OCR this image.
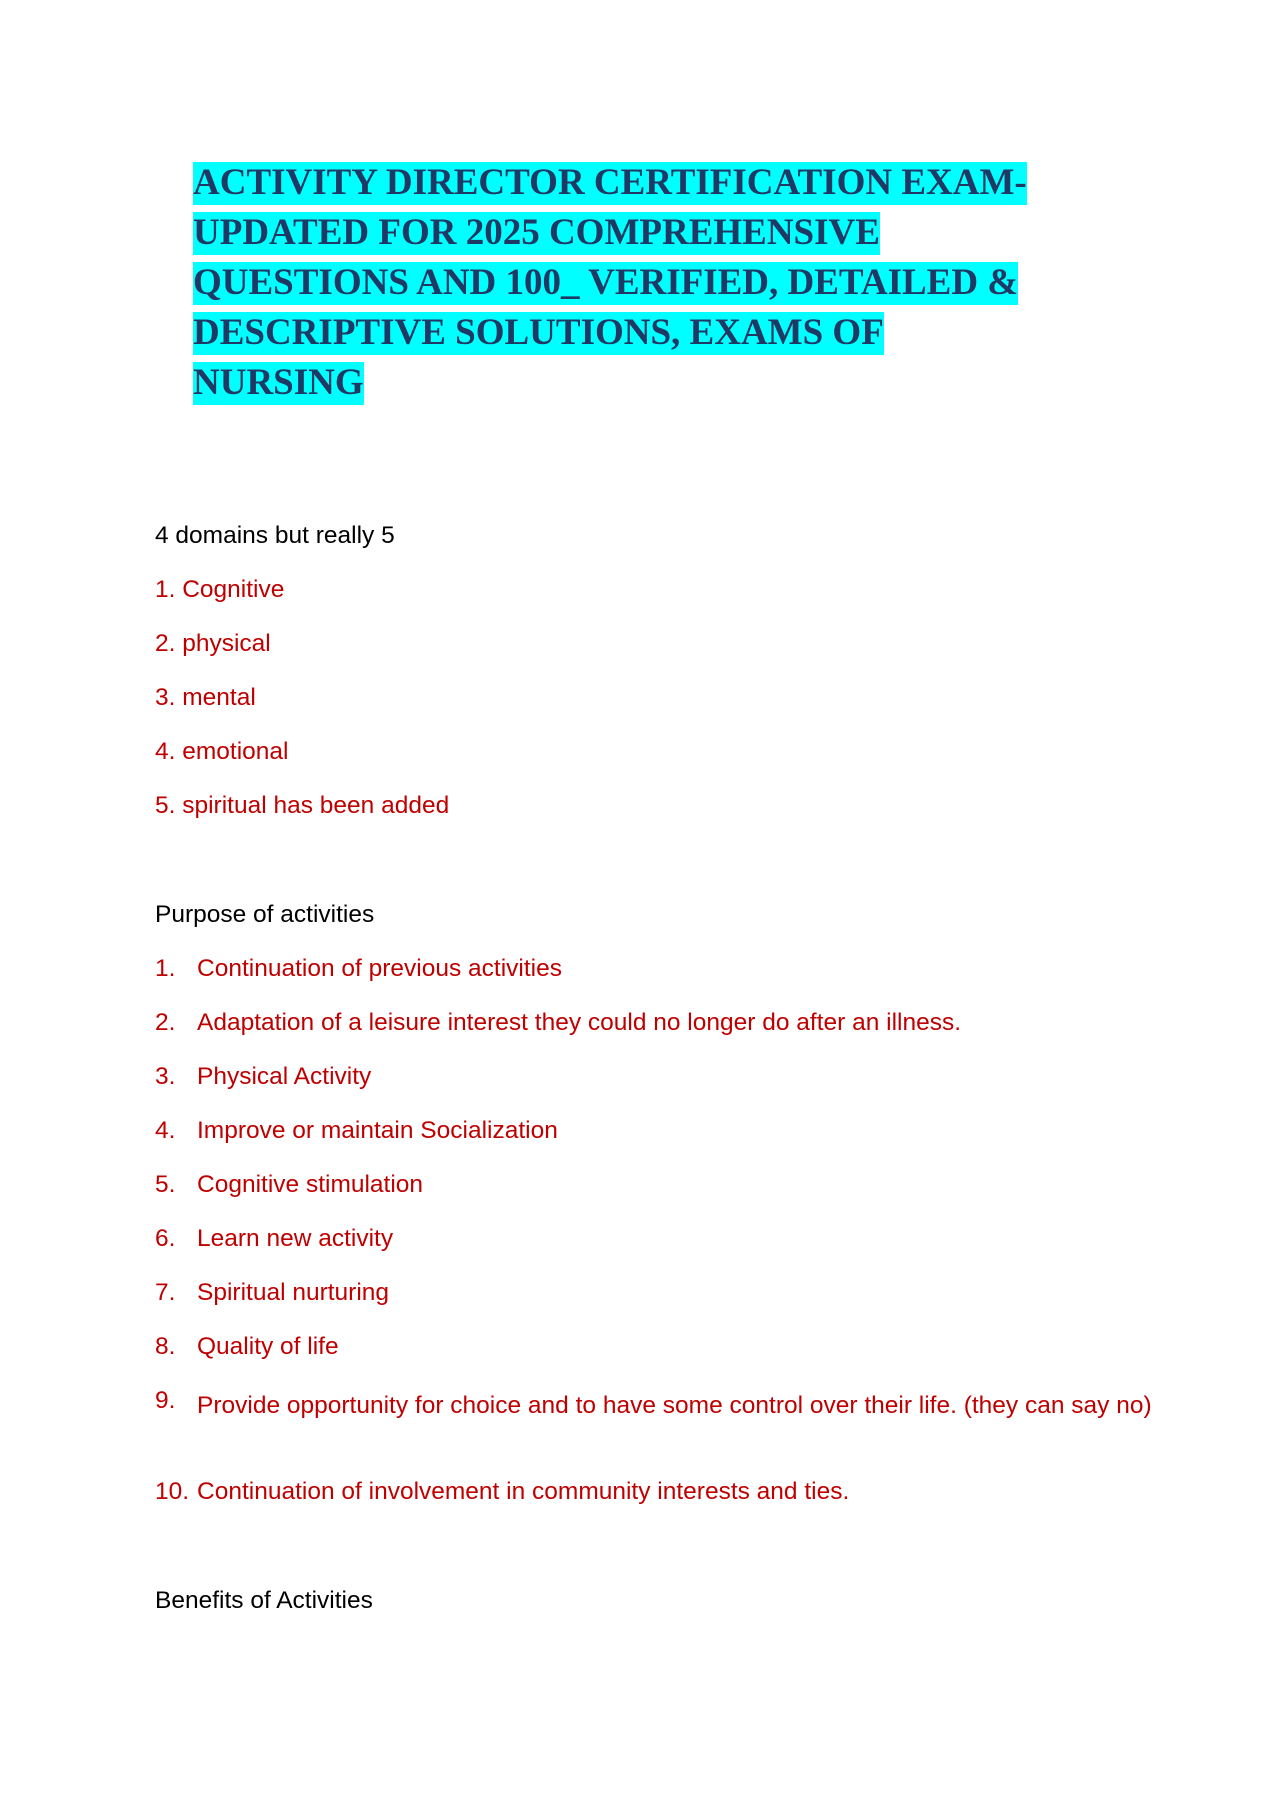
ACTIVITY DIRECTOR CERTIFICATION EXAM-
UPDATED FOR 2025 COMPREHENSIVE
QUESTIONS AND 100_ VERIFIED, DETAILED &
DESCRIPTIVE SOLUTIONS, EXAMS OF
NURSING
4 domains but really 5
1. Cognitive
2. physical
3. mental
4. emotional
5. spiritual has been added
Purpose of activities
1. Continuation of previous activities
2. Adaptation of a leisure interest they could no longer do after an illness.
3. Physical Activity
4. Improve or maintain Socialization
5. Cognitive stimulation
6. Learn new activity
7. Spiritual nurturing
8. Quality of life
9. Provide opportunity for choice and to have some control over their life. (they can say no)
10. Continuation of involvement in community interests and ties.
Benefits of Activities
